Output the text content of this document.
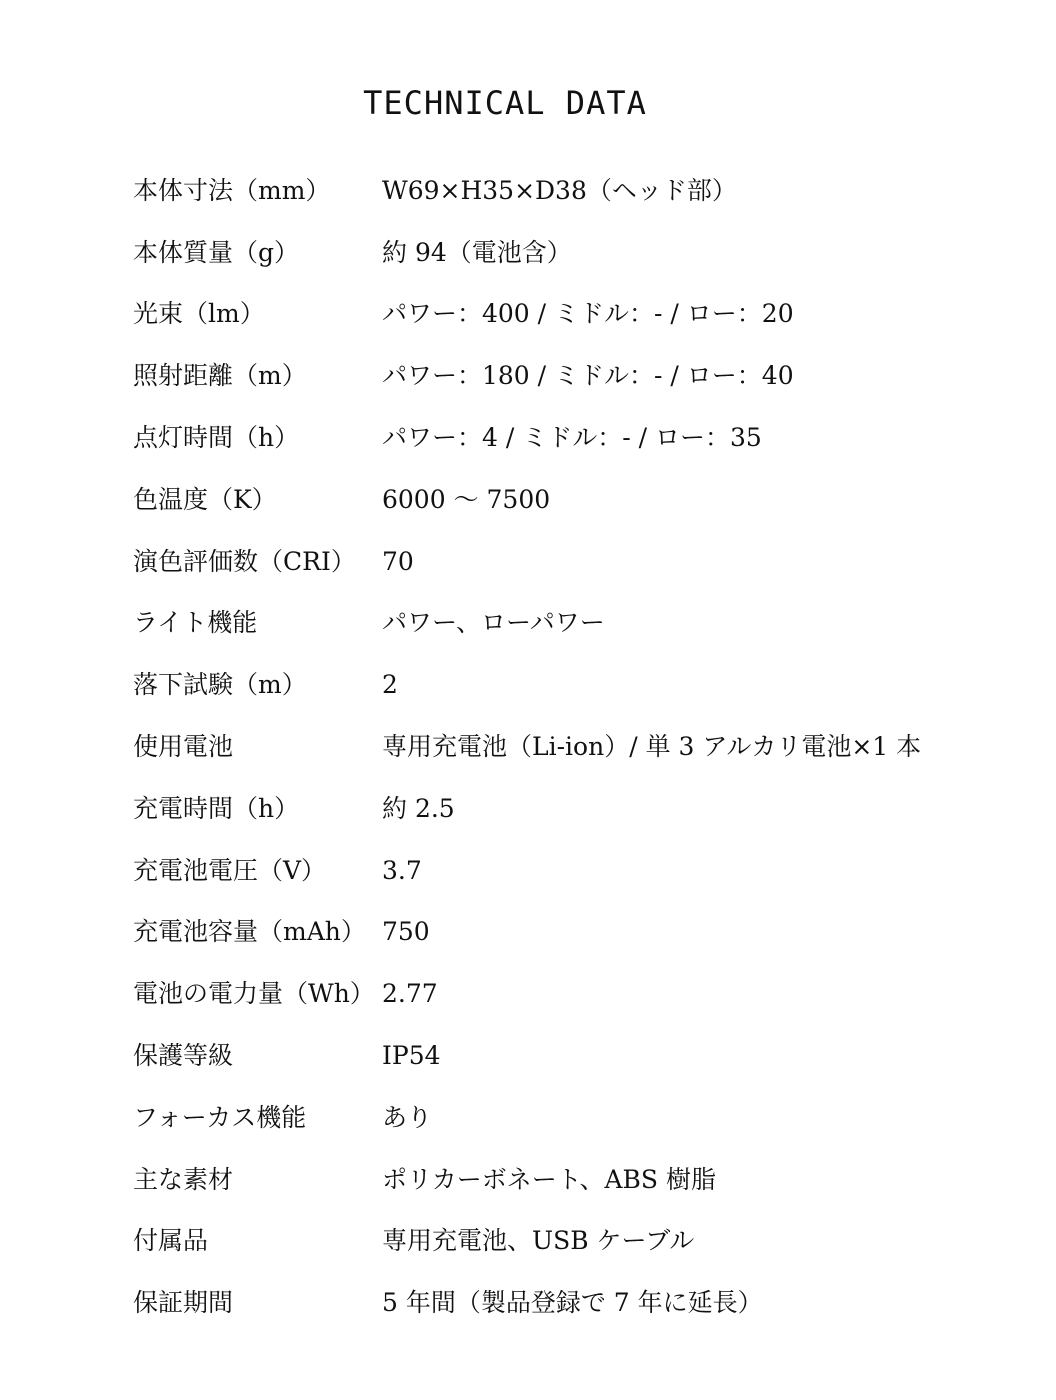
TECHNICAL DATA
本体寸法（mm）	W69×H35×D38（ヘッド部）
本体質量（g）	約 94（電池含）
光束（lm）	パワー：400 / ミドル：- / ロー：20
照射距離（m）	パワー：180 / ミドル：- / ロー：40
点灯時間（h）	パワー：4 / ミドル：- / ロー：35
色温度（K）	6000 ～ 7500
演色評価数（CRI）	70
ライト機能	パワー、ローパワー
落下試験（m）	2
使用電池	専用充電池（Li-ion）/ 単 3 アルカリ電池×1 本
充電時間（h）	約 2.5
充電池電圧（V）	3.7
充電池容量（mAh） 750
電池の電力量（Wh） 2.77
保護等級	IP54
フォーカス機能	あり
主な素材	ポリカーボネート、ABS 樹脂
付属品	専用充電池、USB ケーブル
保証期間	5 年間（製品登録で 7 年に延長）
